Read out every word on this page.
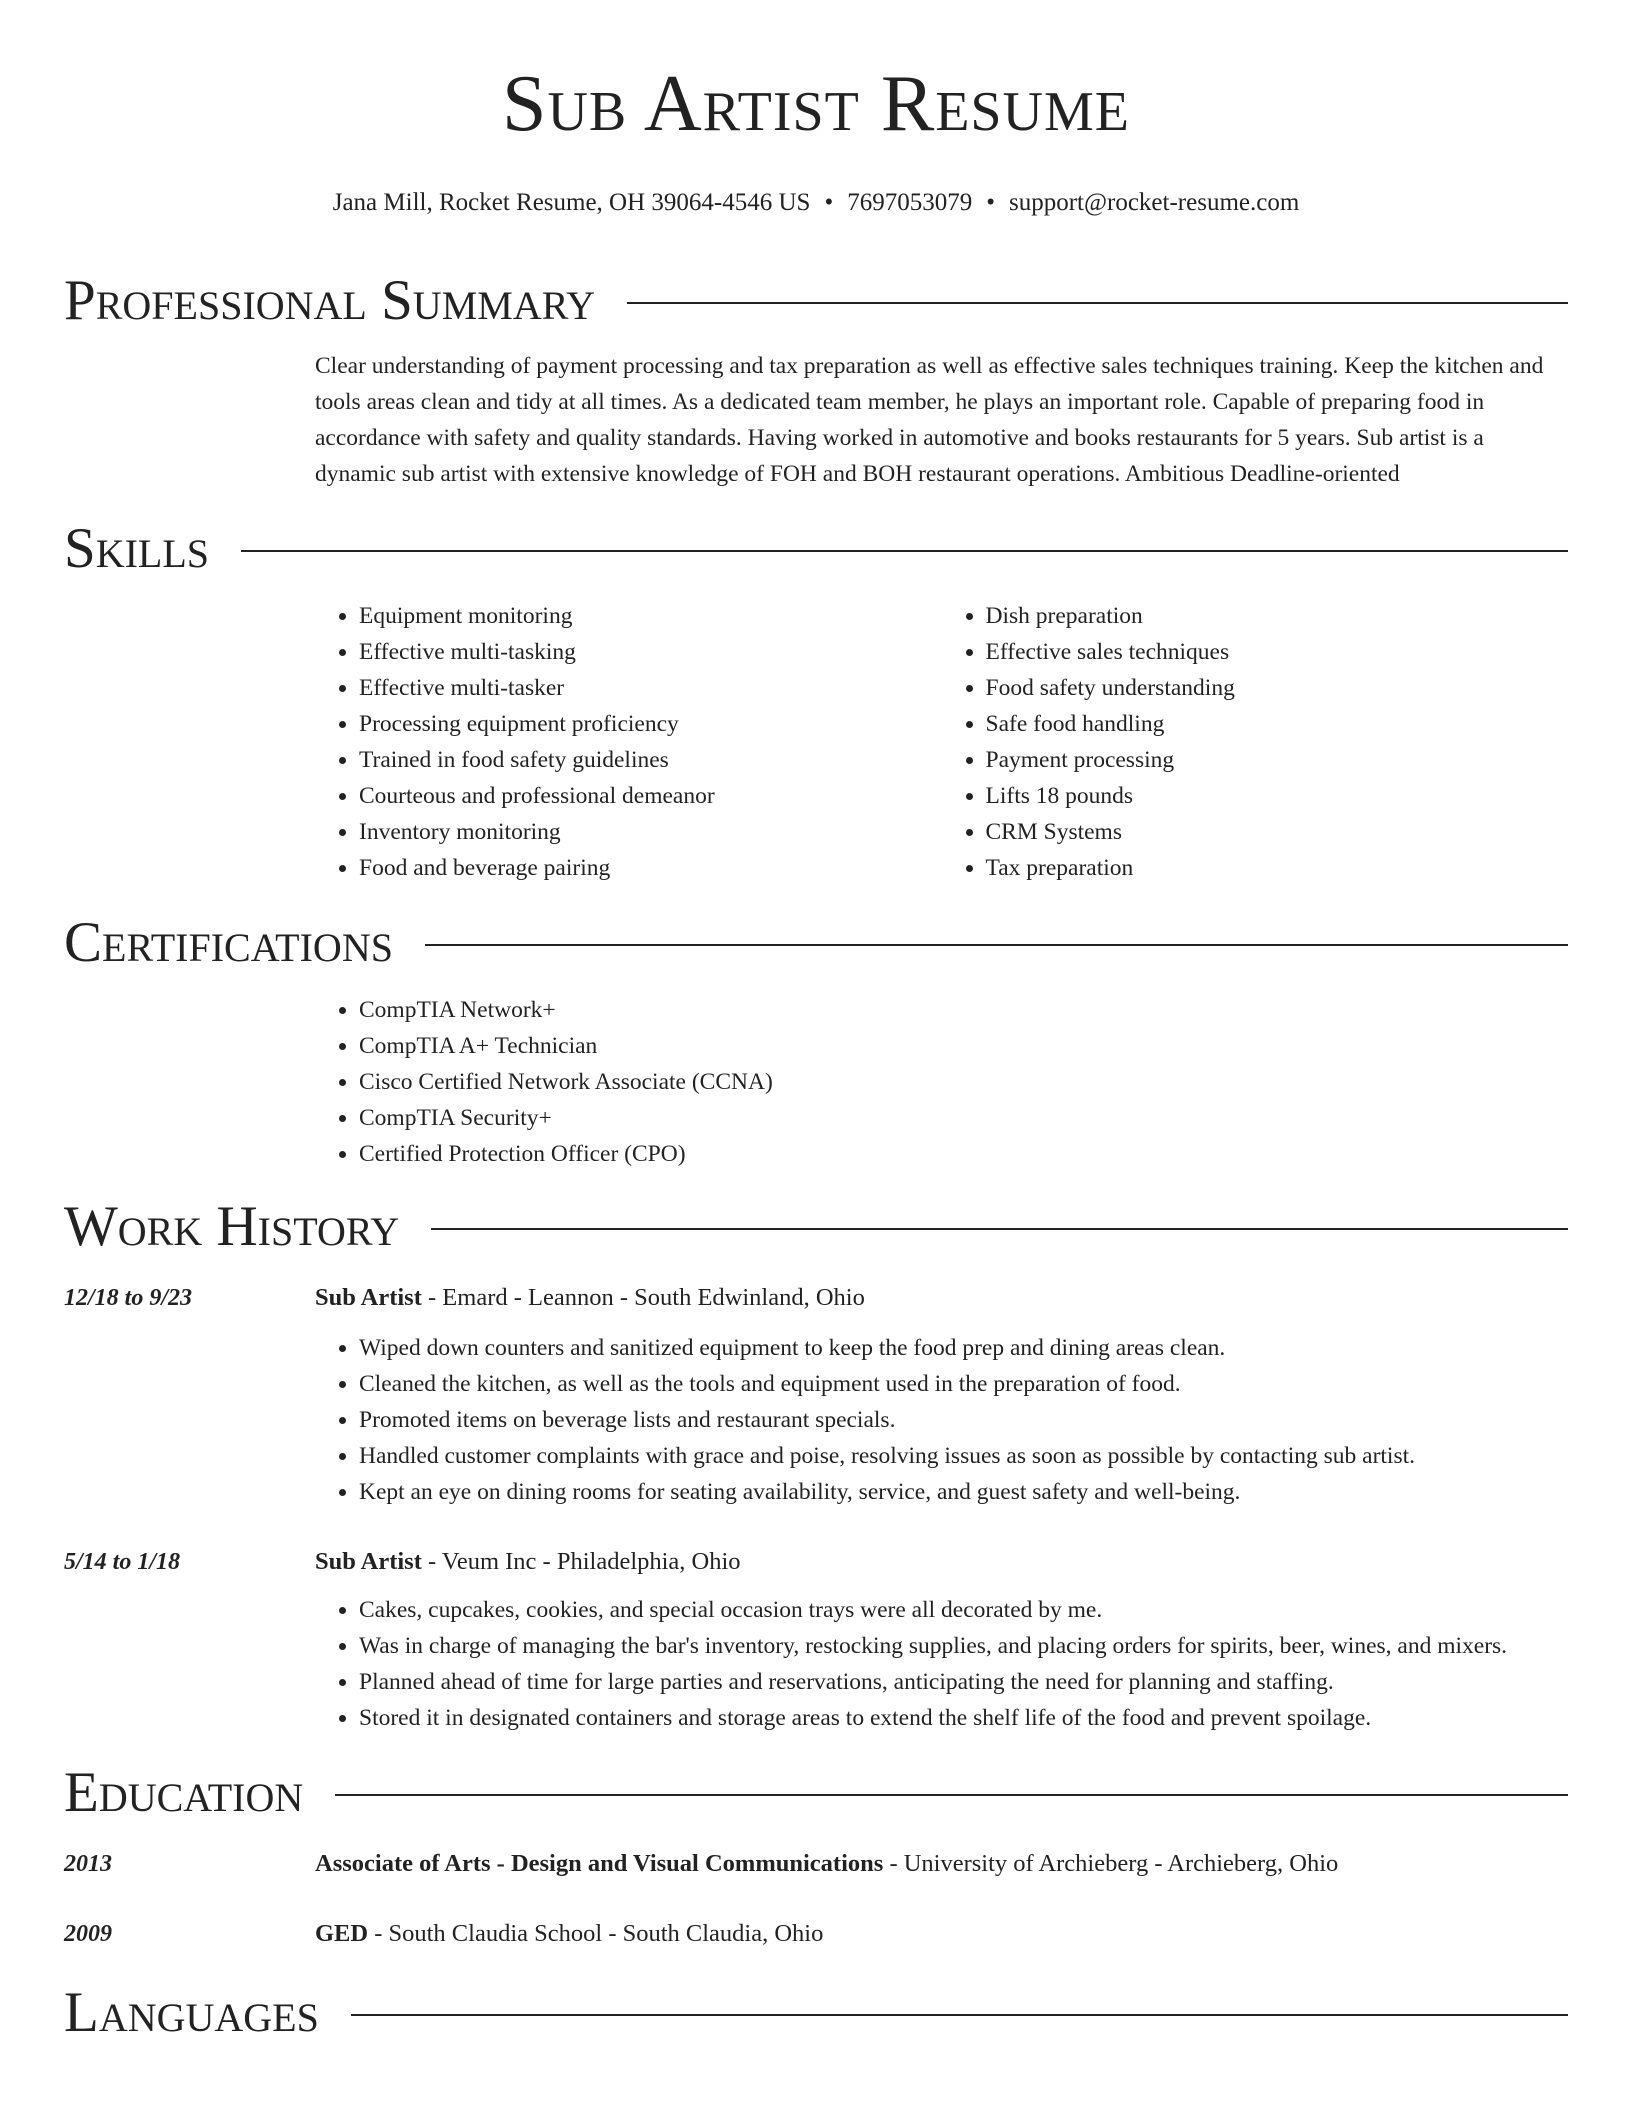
Sub Artist Resume
Jana Mill, Rocket Resume, OH 39064-4546 US • 7697053079 • support@rocket-resume.com
Professional Summary
Clear understanding of payment processing and tax preparation as well as effective sales techniques training. Keep the kitchen and tools areas clean and tidy at all times. As a dedicated team member, he plays an important role. Capable of preparing food in accordance with safety and quality standards. Having worked in automotive and books restaurants for 5 years. Sub artist is a dynamic sub artist with extensive knowledge of FOH and BOH restaurant operations. Ambitious Deadline-oriented
Skills
• Equipment monitoring
• Effective multi-tasking
• Effective multi-tasker
• Processing equipment proficiency
• Trained in food safety guidelines
• Courteous and professional demeanor
• Inventory monitoring
• Food and beverage pairing
• Dish preparation
• Effective sales techniques
• Food safety understanding
• Safe food handling
• Payment processing
• Lifts 18 pounds
• CRM Systems
• Tax preparation
Certifications
• CompTIA Network+
• CompTIA A+ Technician
• Cisco Certified Network Associate (CCNA)
• CompTIA Security+
• Certified Protection Officer (CPO)
Work History
12/18 to 9/23	Sub Artist - Emard - Leannon - South Edwinland, Ohio
• Wiped down counters and sanitized equipment to keep the food prep and dining areas clean.
• Cleaned the kitchen, as well as the tools and equipment used in the preparation of food.
• Promoted items on beverage lists and restaurant specials.
• Handled customer complaints with grace and poise, resolving issues as soon as possible by contacting sub artist.
• Kept an eye on dining rooms for seating availability, service, and guest safety and well-being.
5/14 to 1/18	Sub Artist - Veum Inc - Philadelphia, Ohio
• Cakes, cupcakes, cookies, and special occasion trays were all decorated by me.
• Was in charge of managing the bar's inventory, restocking supplies, and placing orders for spirits, beer, wines, and mixers.
• Planned ahead of time for large parties and reservations, anticipating the need for planning and staffing.
• Stored it in designated containers and storage areas to extend the shelf life of the food and prevent spoilage.
Education
2013	Associate of Arts - Design and Visual Communications - University of Archieberg - Archieberg, Ohio
2009	GED - South Claudia School - South Claudia, Ohio
Languages
